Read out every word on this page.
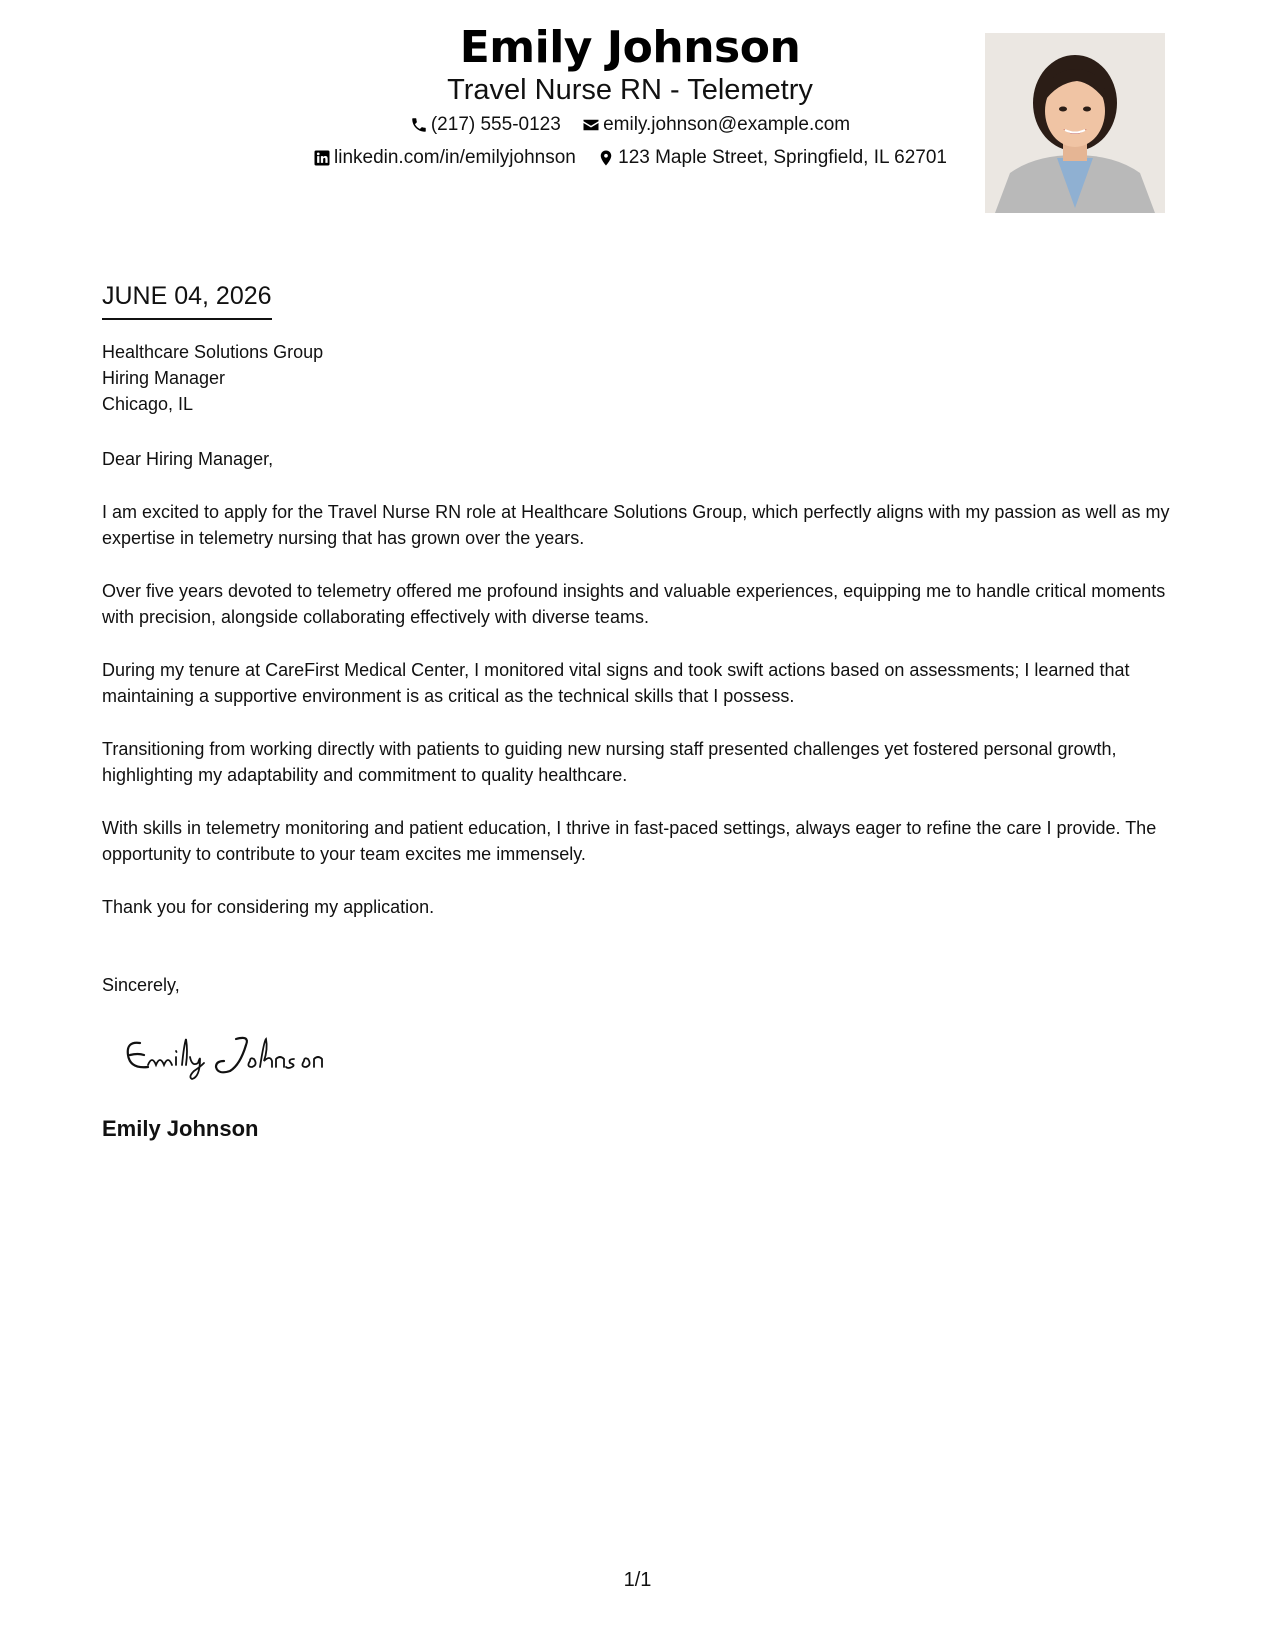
Emily Johnson
Travel Nurse RN - Telemetry
(217) 555-0123
emily.johnson@example.com
linkedin.com/in/emilyjohnson
123 Maple Street, Springfield, IL 62701
JUNE 04, 2026
Healthcare Solutions Group
Hiring Manager
Chicago, IL

Dear Hiring Manager,

I am excited to apply for the Travel Nurse RN role at Healthcare Solutions Group, which perfectly aligns with my passion as well as my expertise in telemetry nursing that has grown over the years.

Over five years devoted to telemetry offered me profound insights and valuable experiences, equipping me to handle critical moments with precision, alongside collaborating effectively with diverse teams.

During my tenure at CareFirst Medical Center, I monitored vital signs and took swift actions based on assessments; I learned that maintaining a supportive environment is as critical as the technical skills that I possess.

Transitioning from working directly with patients to guiding new nursing staff presented challenges yet fostered personal growth, highlighting my adaptability and commitment to quality healthcare.

With skills in telemetry monitoring and patient education, I thrive in fast-paced settings, always eager to refine the care I provide. The opportunity to contribute to your team excites me immensely.

Thank you for considering my application.

Sincerely,
Emily Johnson
1/1
